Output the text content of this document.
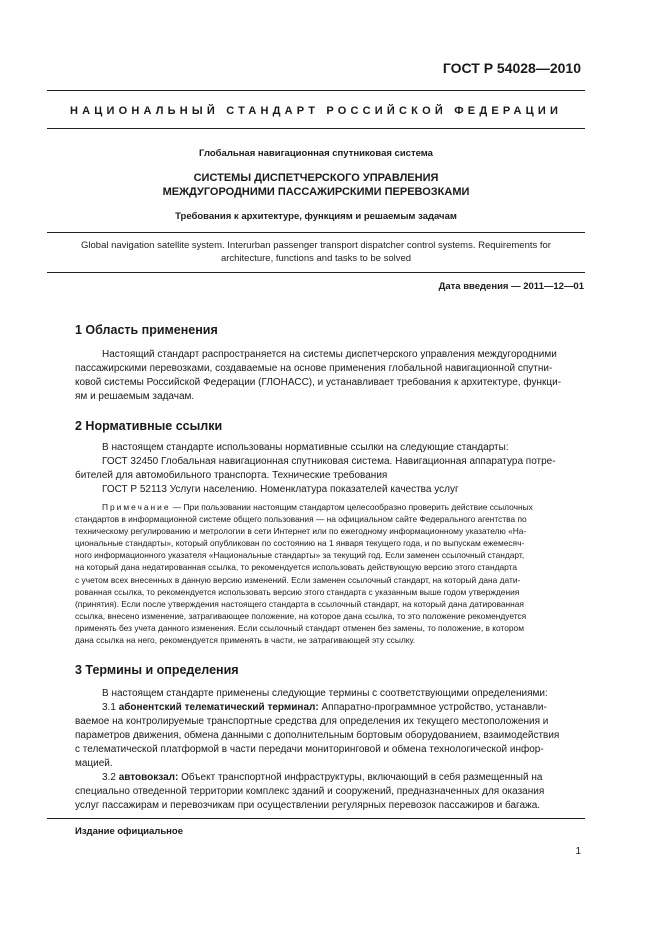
ГОСТ Р 54028—2010
НАЦИОНАЛЬНЫЙ СТАНДАРТ РОССИЙСКОЙ ФЕДЕРАЦИИ
Глобальная навигационная спутниковая система
СИСТЕМЫ ДИСПЕТЧЕРСКОГО УПРАВЛЕНИЯ
МЕЖДУГОРОДНИМИ ПАССАЖИРСКИМИ ПЕРЕВОЗКАМИ
Требования к архитектуре, функциям и решаемым задачам
Global navigation satellite system. Interurban passenger transport dispatcher control systems. Requirements for
architecture, functions and tasks to be solved
Дата введения — 2011—12—01
1 Область применения
Настоящий стандарт распространяется на системы диспетчерского управления междугородними
пассажирскими перевозками, создаваемые на основе применения глобальной навигационной спутни-
ковой системы Российской Федерации (ГЛОНАСС), и устанавливает требования к архитектуре, функци-
ям и решаемым задачам.
2 Нормативные ссылки
В настоящем стандарте использованы нормативные ссылки на следующие стандарты:
ГОСТ 32450 Глобальная навигационная спутниковая система. Навигационная аппаратура потре-
бителей для автомобильного транспорта. Технические требования
ГОСТ Р 52113 Услуги населению. Номенклатура показателей качества услуг
Примечание — При пользовании настоящим стандартом целесообразно проверить действие ссылочных
стандартов в информационной системе общего пользования — на официальном сайте Федерального агентства по
техническому регулированию и метрологии в сети Интернет или по ежегодному информационному указателю «На-
циональные стандарты», который опубликован по состоянию на 1 января текущего года, и по выпускам ежемесяч-
ного информационного указателя «Национальные стандарты» за текущий год. Если заменен ссылочный стандарт,
на который дана недатированная ссылка, то рекомендуется использовать действующую версию этого стандарта
с учетом всех внесенных в данную версию изменений. Если заменен ссылочный стандарт, на который дана дати-
рованная ссылка, то рекомендуется использовать версию этого стандарта с указанным выше годом утверждения
(принятия). Если после утверждения настоящего стандарта в ссылочный стандарт, на который дана датированная
ссылка, внесено изменение, затрагивающее положение, на которое дана ссылка, то это положение рекомендуется
применять без учета данного изменения. Если ссылочный стандарт отменен без замены, то положение, в котором
дана ссылка на него, рекомендуется применять в части, не затрагивающей эту ссылку.
3 Термины и определения
В настоящем стандарте применены следующие термины с соответствующими определениями:
3.1 абонентский телематический терминал: Аппаратно-программное устройство, устанавли-
ваемое на контролируемые транспортные средства для определения их текущего местоположения и
параметров движения, обмена данными с дополнительным бортовым оборудованием, взаимодействия
с телематической платформой в части передачи мониторинговой и обмена технологической инфор-
мацией.
3.2 автовокзал: Объект транспортной инфраструктуры, включающий в себя размещенный на
специально отведенной территории комплекс зданий и сооружений, предназначенных для оказания
услуг пассажирам и перевозчикам при осуществлении регулярных перевозок пассажиров и багажа.
Издание официальное
1
